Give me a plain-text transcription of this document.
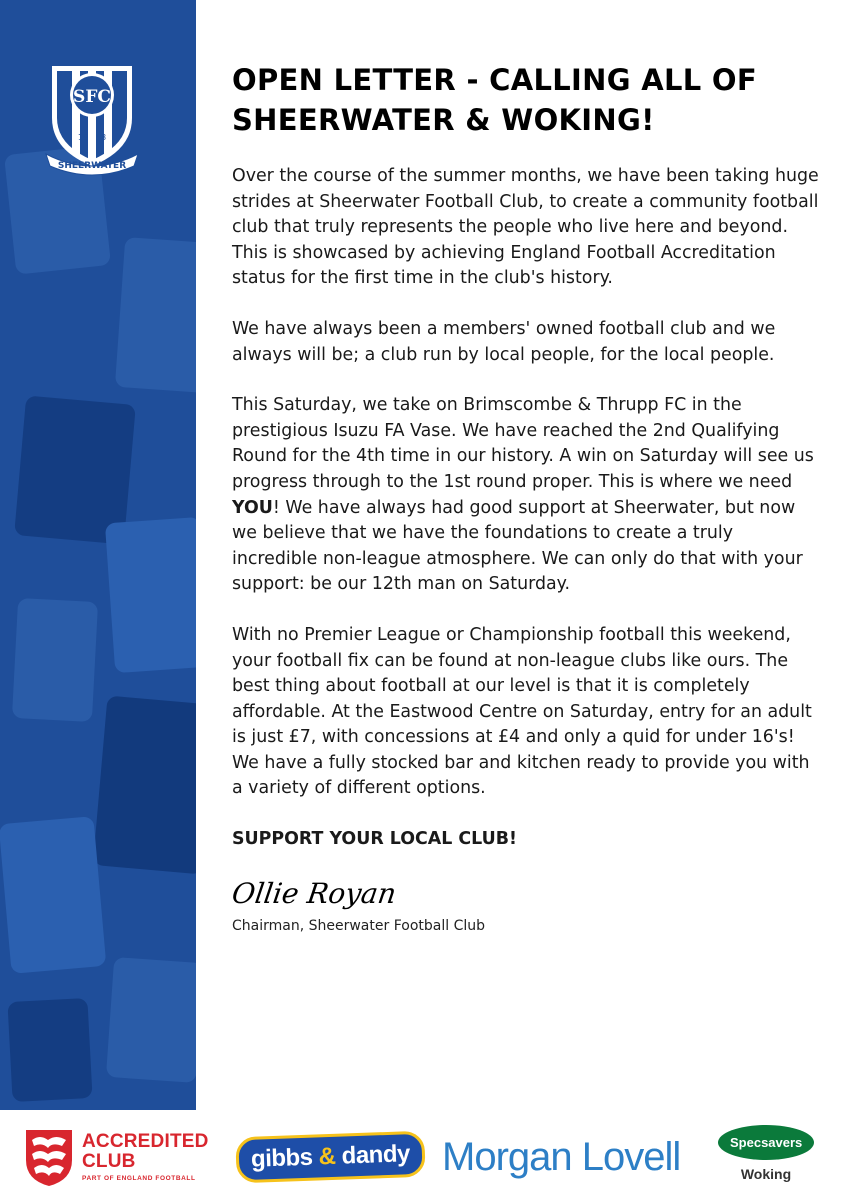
SFC
19 58
SHEERWATER
OPEN LETTER - CALLING ALL OF
SHEERWATER & WOKING!

Over the course of the summer months, we have been taking huge strides at Sheerwater Football Club, to create a community football club that truly represents the people who live here and beyond. This is showcased by achieving England Football Accreditation status for the first time in the club's history.

We have always been a members' owned football club and we always will be; a club run by local people, for the local people.

This Saturday, we take on Brimscombe & Thrupp FC in the prestigious Isuzu FA Vase. We have reached the 2nd Qualifying Round for the 4th time in our history. A win on Saturday will see us progress through to the 1st round proper. This is where we need YOU! We have always had good support at Sheerwater, but now we believe that we have the foundations to create a truly incredible non-league atmosphere. We can only do that with your support: be our 12th man on Saturday.

With no Premier League or Championship football this weekend, your football fix can be found at non-league clubs like ours. The best thing about football at our level is that it is completely affordable. At the Eastwood Centre on Saturday, entry for an adult is just £7, with concessions at £4 and only a quid for under 16's! We have a fully stocked bar and kitchen ready to provide you with a variety of different options.

SUPPORT YOUR LOCAL CLUB!

Ollie Royan
Chairman, Sheerwater Football Club
ACCREDITED
CLUB
PART OF ENGLAND FOOTBALL
gibbs & dandy Morgan Lovell	Specsavers
Woking
